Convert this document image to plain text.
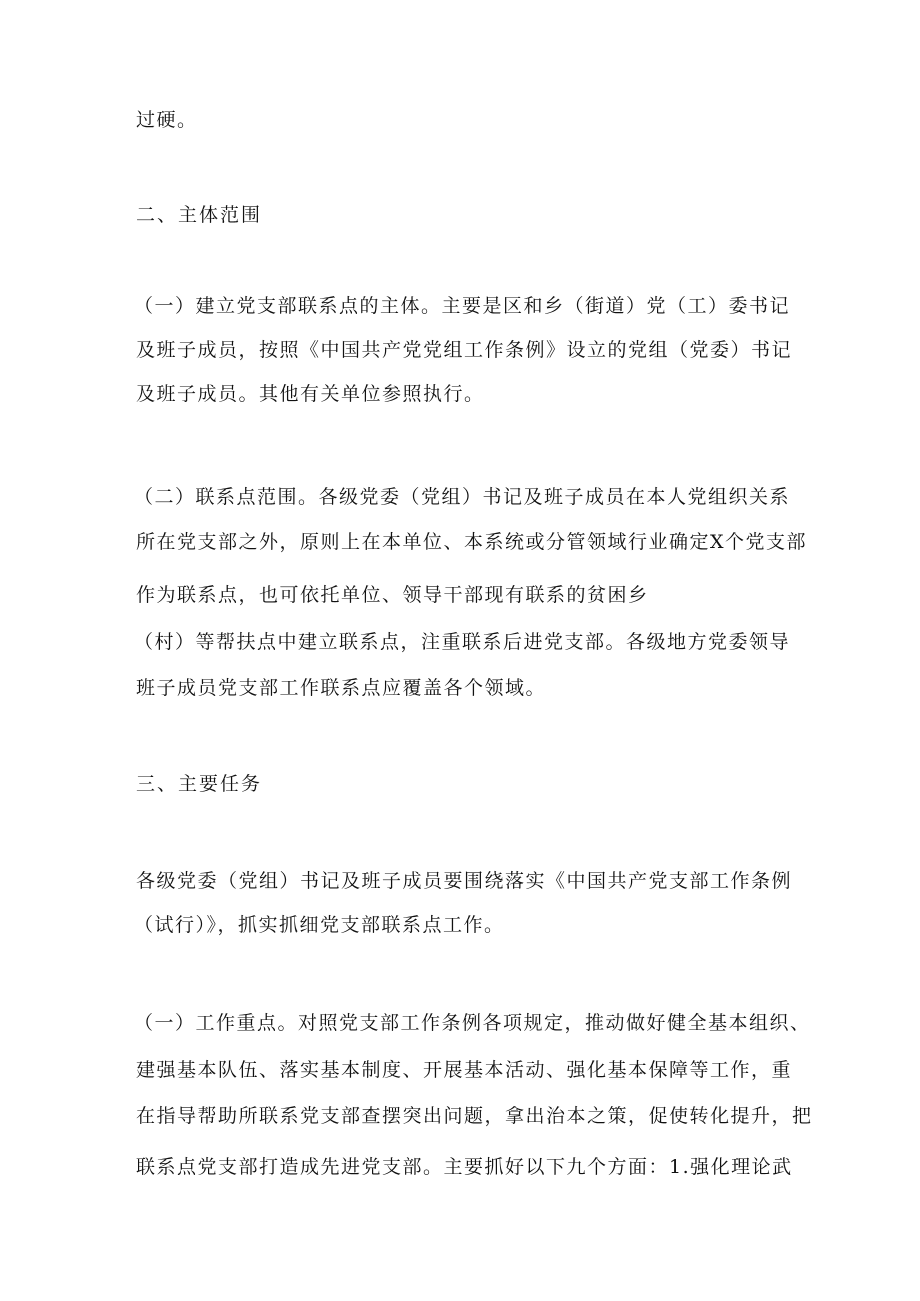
过硬。
二、主体范围
（一）建立党支部联系点的主体。主要是区和乡（街道）党（工）委书记
及班子成员，按照《中国共产党党组工作条例》设立的党组（党委）书记
及班子成员。其他有关单位参照执行。
（二）联系点范围。各级党委（党组）书记及班子成员在本人党组织关系
所在党支部之外，原则上在本单位、本系统或分管领域行业确定X个党支部
作为联系点，也可依托单位、领导干部现有联系的贫困乡
（村）等帮扶点中建立联系点，注重联系后进党支部。各级地方党委领导
班子成员党支部工作联系点应覆盖各个领域。
三、主要任务
各级党委（党组）书记及班子成员要围绕落实《中国共产党支部工作条例
（试行）》，抓实抓细党支部联系点工作。
（一）工作重点。对照党支部工作条例各项规定，推动做好健全基本组织、
建强基本队伍、落实基本制度、开展基本活动、强化基本保障等工作，重
在指导帮助所联系党支部查摆突出问题，拿出治本之策，促使转化提升，把
联系点党支部打造成先进党支部。主要抓好以下九个方面：1.强化理论武
